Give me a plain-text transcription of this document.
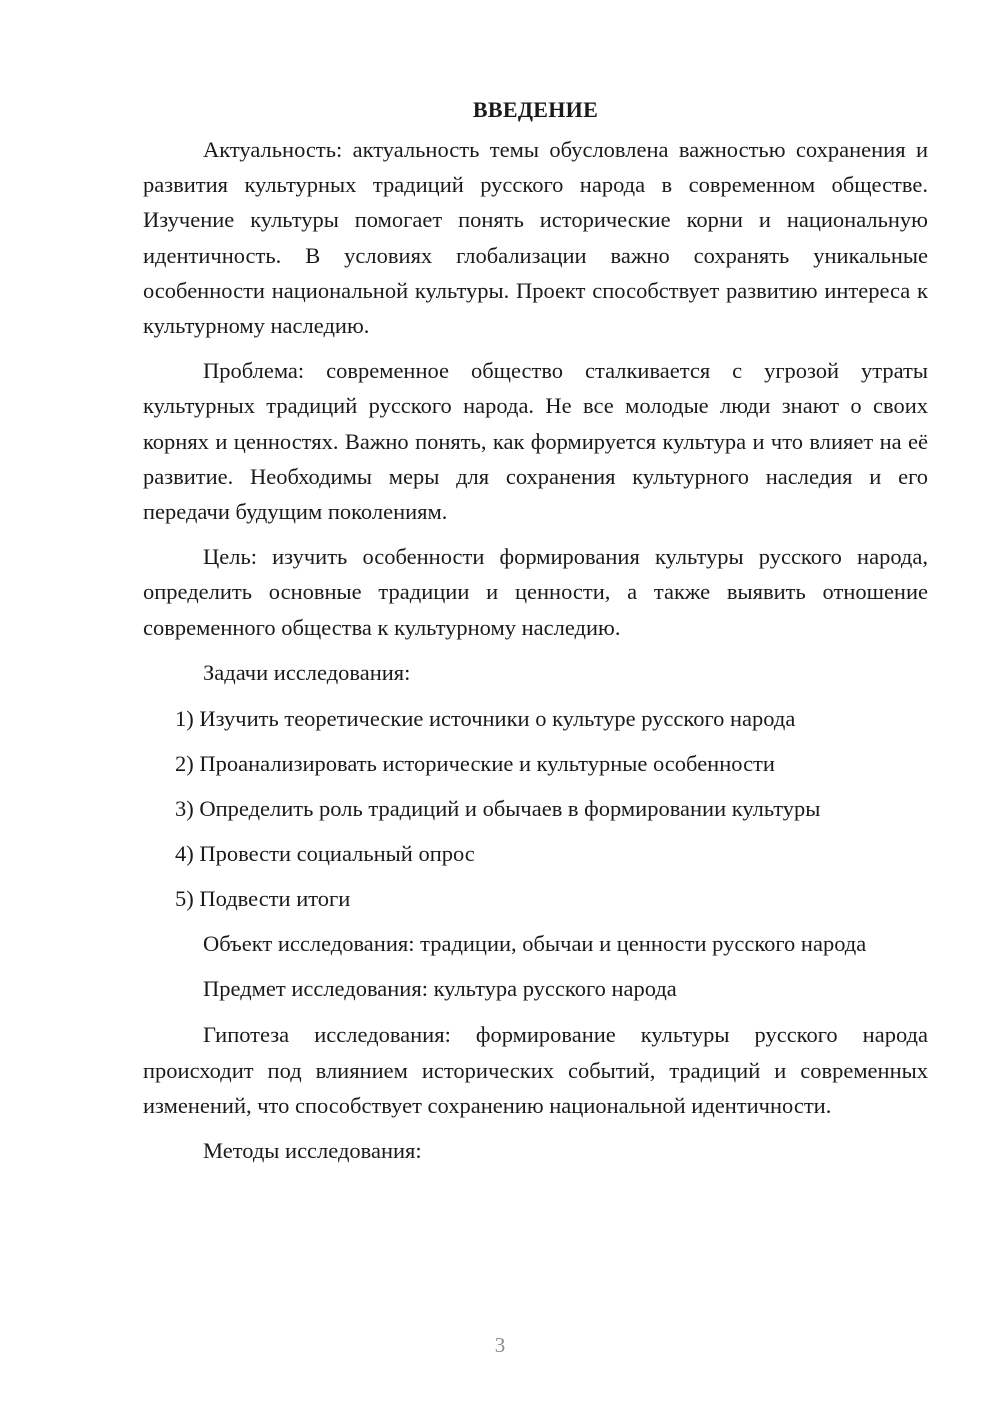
ВВЕДЕНИЕ

Актуальность: актуальность темы обусловлена важностью сохранения и развития культурных традиций русского народа в современном обществе. Изучение культуры помогает понять исторические корни и национальную идентичность. В условиях глобализации важно сохранять уникальные особенности национальной культуры. Проект способствует развитию интереса к культурному наследию.

Проблема: современное общество сталкивается с угрозой утраты культурных традиций русского народа. Не все молодые люди знают о своих корнях и ценностях. Важно понять, как формируется культура и что влияет на её развитие. Необходимы меры для сохранения культурного наследия и его передачи будущим поколениям.

Цель: изучить особенности формирования культуры русского народа, определить основные традиции и ценности, а также выявить отношение современного общества к культурному наследию.

Задачи исследования:

1) Изучить теоретические источники о культуре русского народа
2) Проанализировать исторические и культурные особенности
3) Определить роль традиций и обычаев в формировании культуры
4) Провести социальный опрос
5) Подвести итоги

Объект исследования: традиции, обычаи и ценности русского народа

Предмет исследования: культура русского народа

Гипотеза исследования: формирование культуры русского народа происходит под влиянием исторических событий, традиций и современных изменений, что способствует сохранению национальной идентичности.

Методы исследования:

3
